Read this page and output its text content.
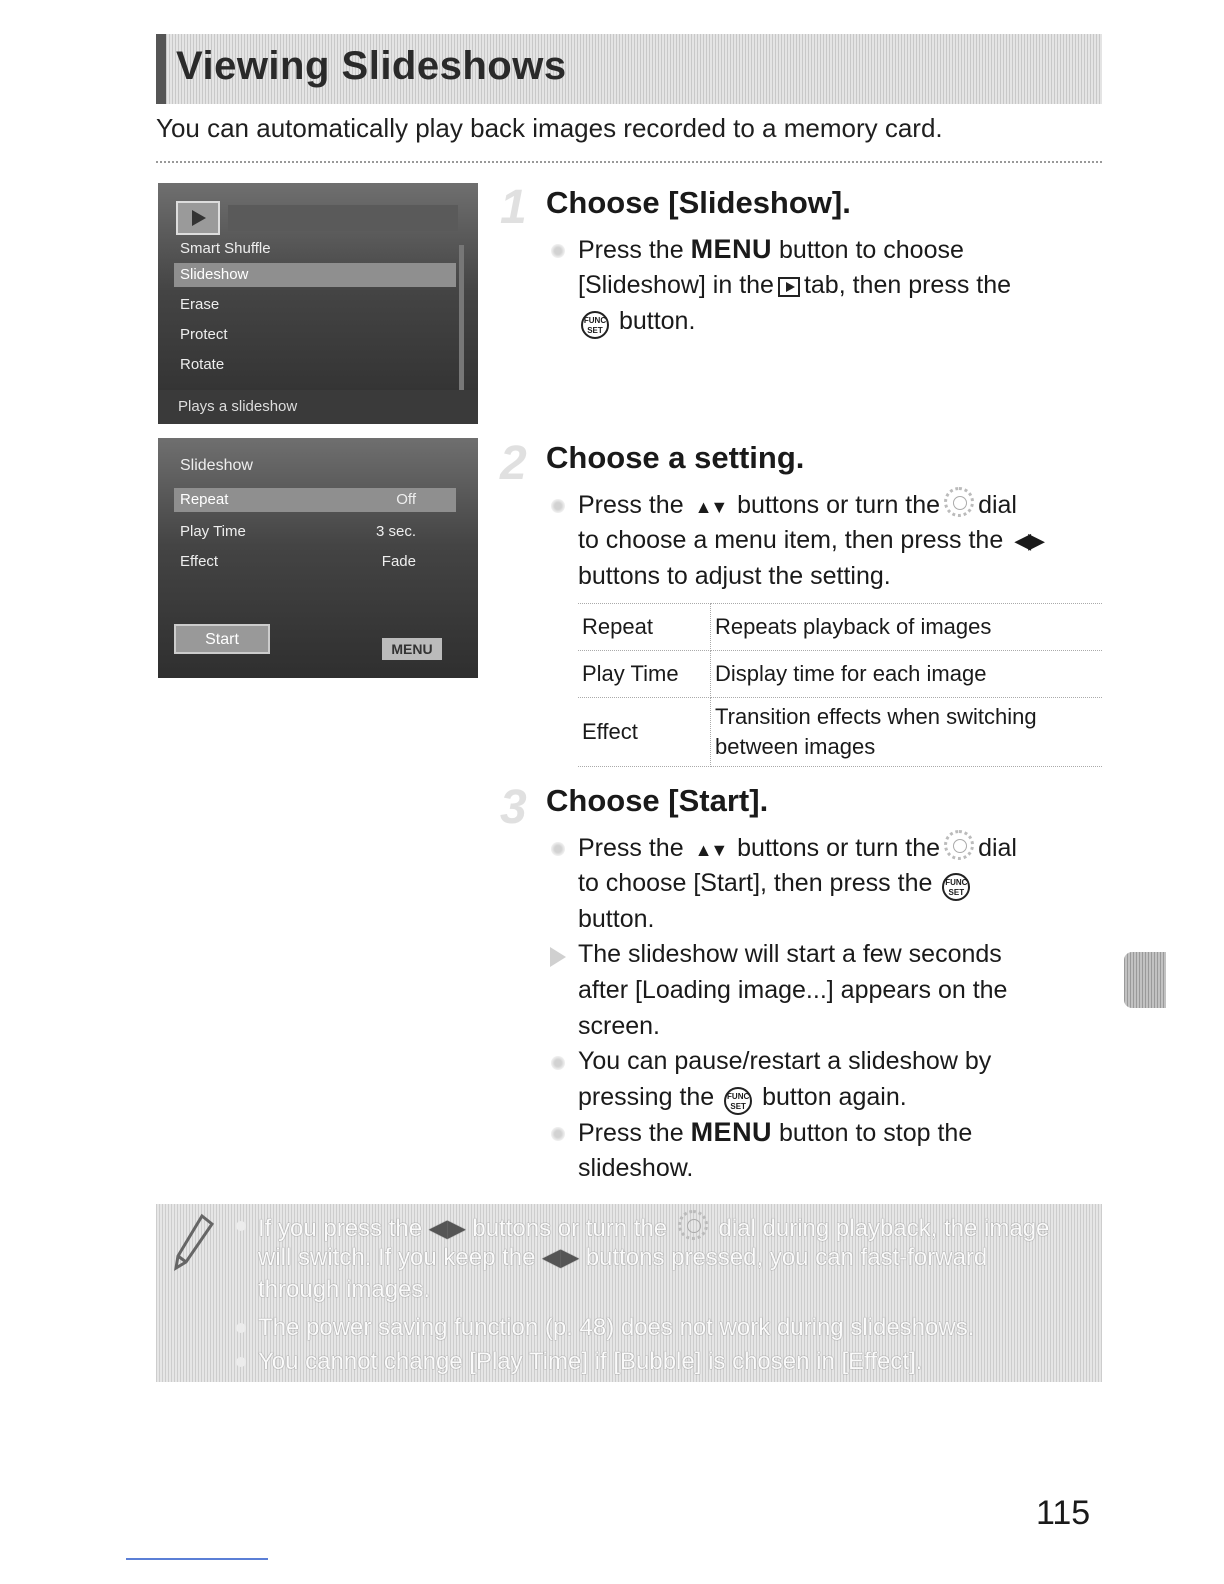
Viewing Slideshows
You can automatically play back images recorded to a memory card.
Smart Shuffle
Slideshow
Erase
Protect
Rotate
Plays a slideshow
Slideshow
Repeat	Off
Play Time	3 sec.
Effect	Fade
Start
MENU
1 Choose [Slideshow].
Press the MENU button to choose
[Slideshow] in the tab, then press the
FUNC
SET button.
2 Choose a setting.
Press the ▲▼ buttons or turn the dial
to choose a menu item, then press the ◀▶
buttons to adjust the setting.
Repeat	Repeats playback of images
Play Time	Display time for each image
Effect	Transition effects when switching
between images
3 Choose [Start].
Press the ▲▼ buttons or turn the dial
to choose [Start], then press the FUNC
SET
button.
The slideshow will start a few seconds
after [Loading image...] appears on the
screen.
You can pause/restart a slideshow by
pressing the FUNC
SET button again.
Press the MENU button to stop the
slideshow.
If you press the ◀▶ buttons or turn the dial during playback, the image
will switch. If you keep the ◀▶ buttons pressed, you can fast-forward
through images.
The power saving function (p. 48) does not work during slideshows.
You cannot change [Play Time] if [Bubble] is chosen in [Effect].
115
